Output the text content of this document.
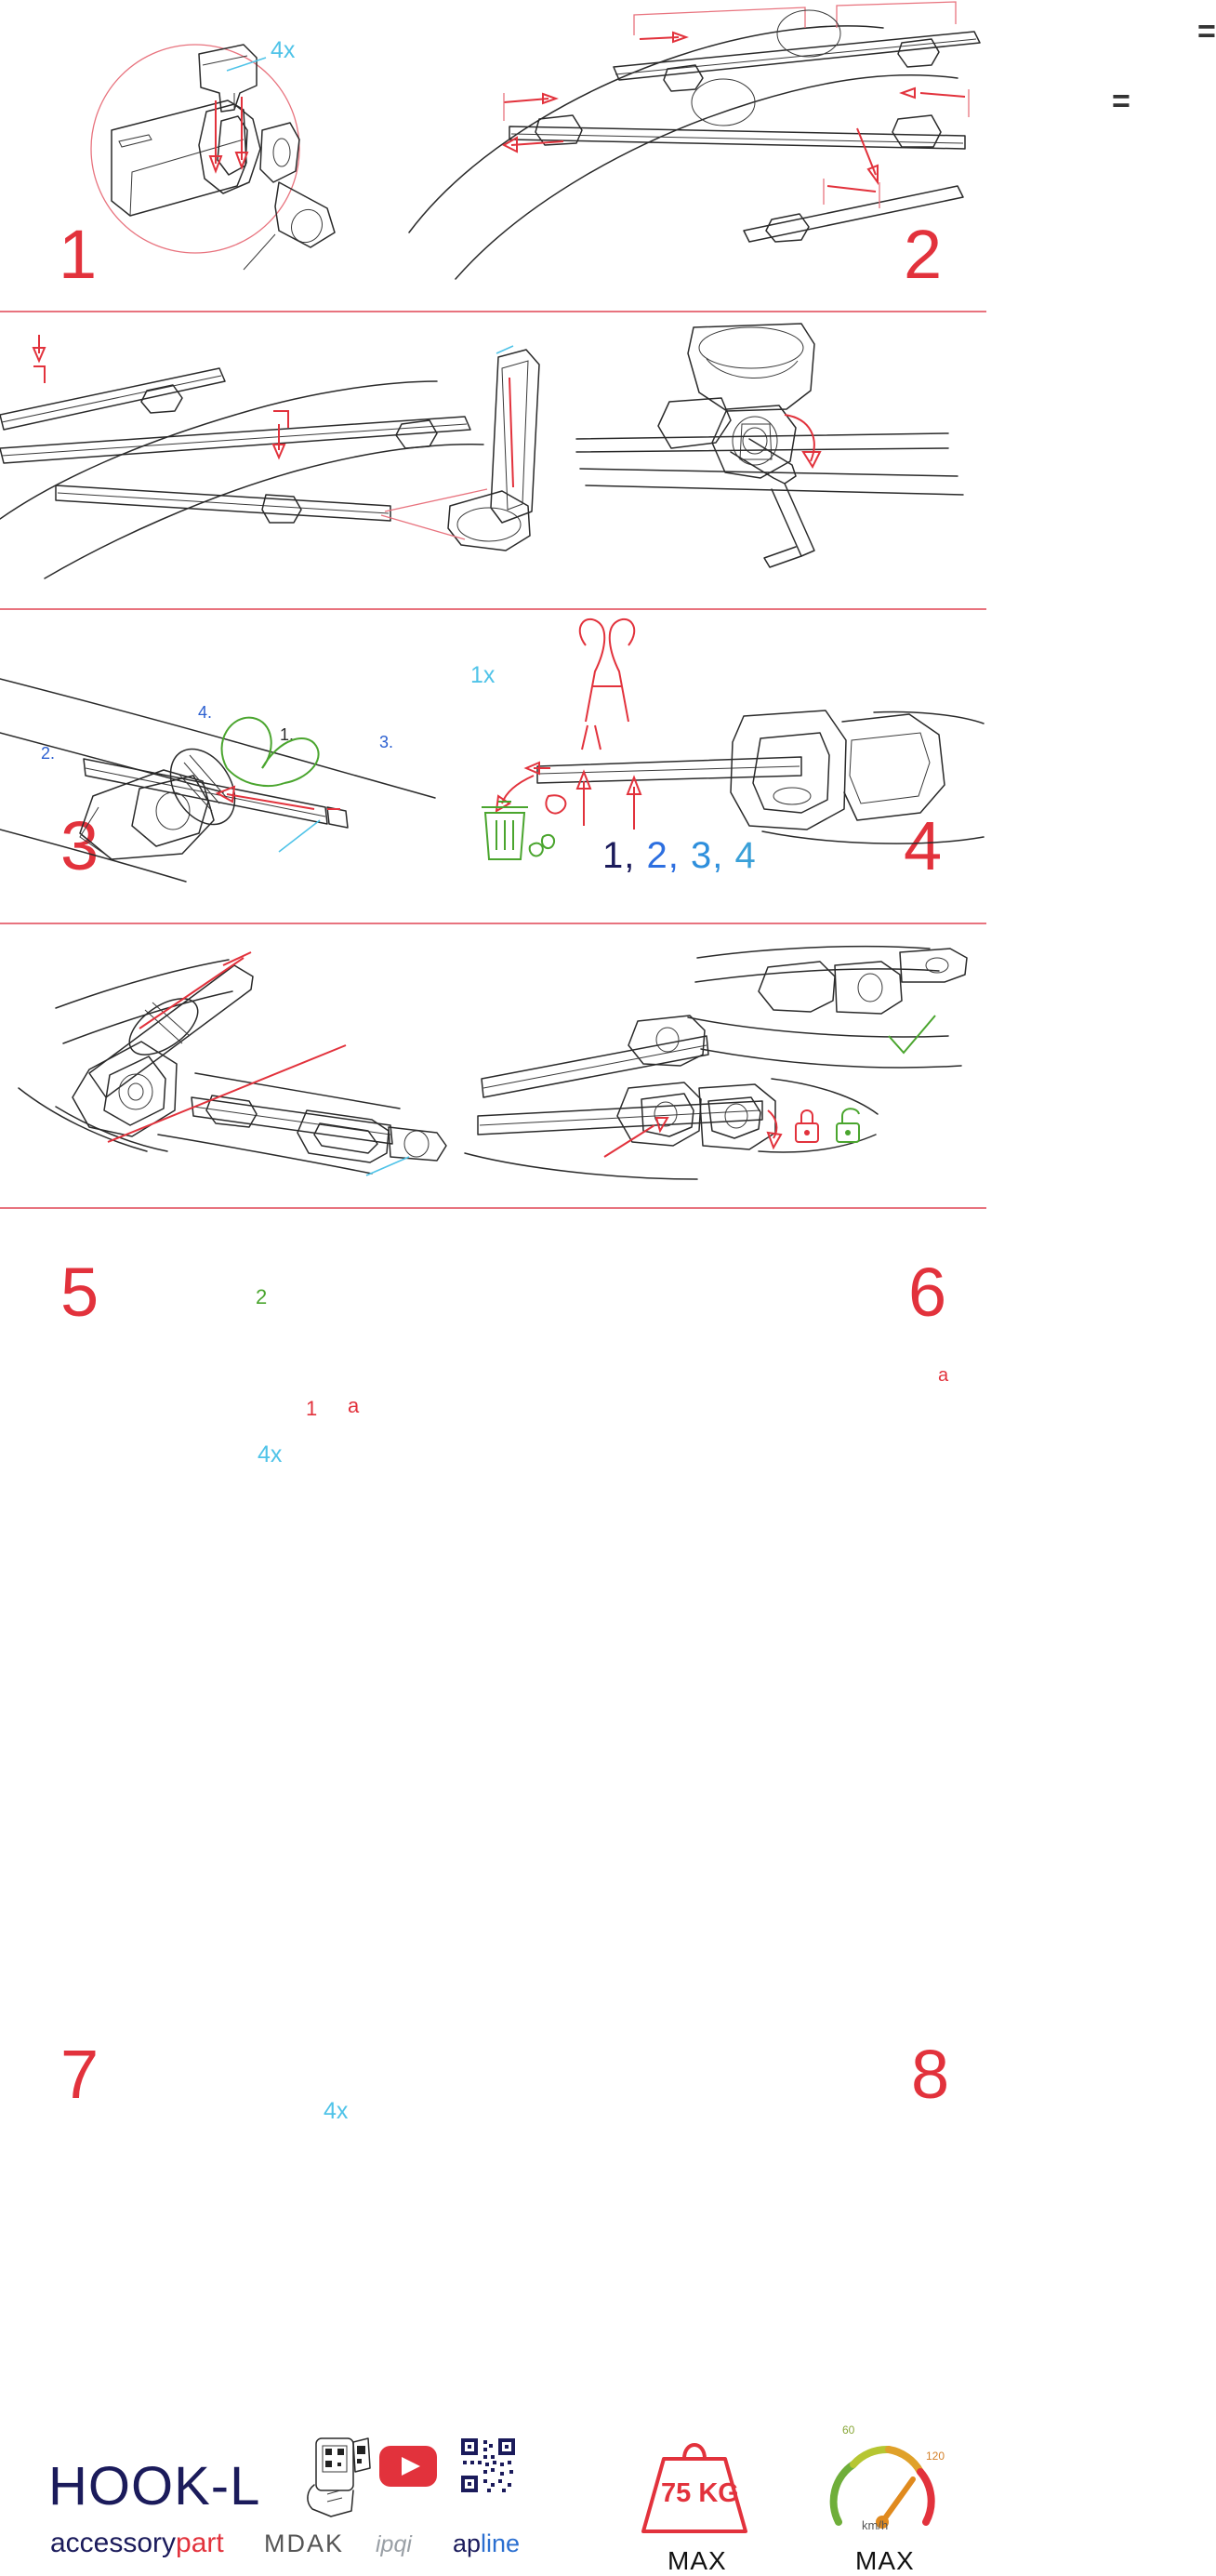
4x
1
=
=
2
1.
2.
3.
4.
1x
3	1, 2, 3, 4 4
1
2
a
4x
5
a
6
4x
7	8
HOOK-L
accessorypart MDAK ipqi apline
75 KG
MAX
60
120
km/h
MAX
